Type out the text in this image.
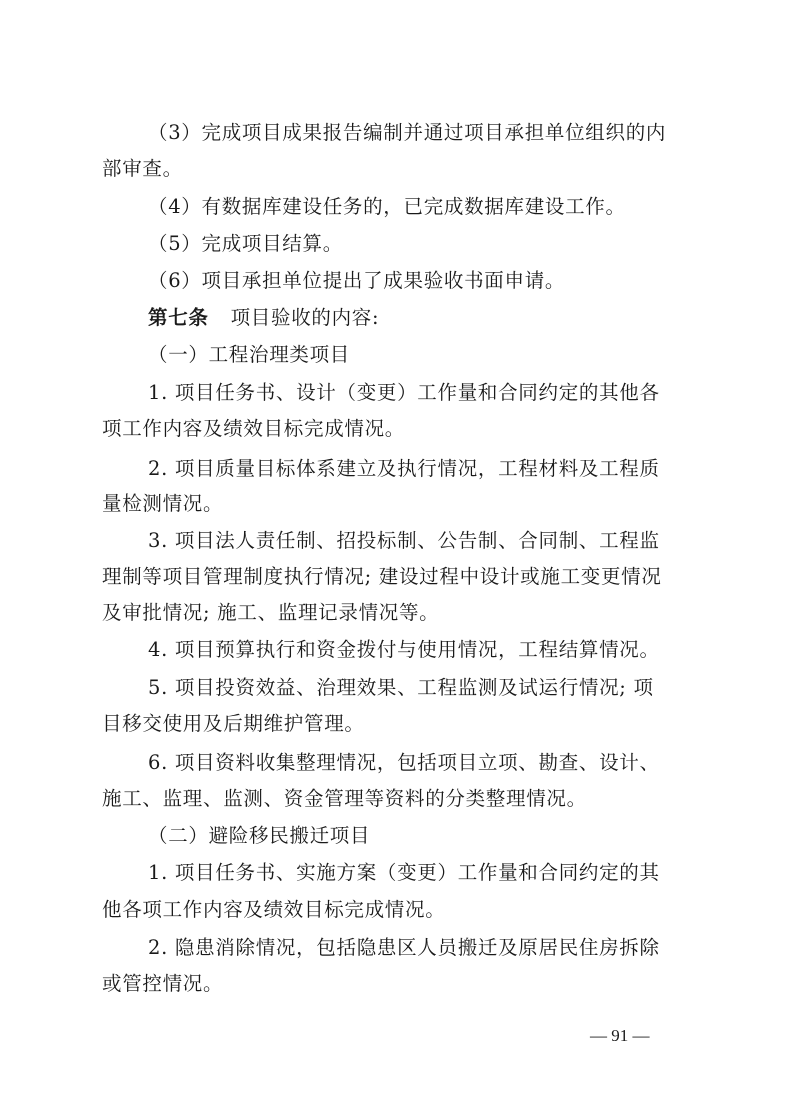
（3）完成项目成果报告编制并通过项目承担单位组织的内
部审查。
（4）有数据库建设任务的，已完成数据库建设工作。
（5）完成项目结算。
（6）项目承担单位提出了成果验收书面申请。
第七条 项目验收的内容:
（一）工程治理类项目
1. 项目任务书、设计（变更）工作量和合同约定的其他各
项工作内容及绩效目标完成情况。
2. 项目质量目标体系建立及执行情况，工程材料及工程质
量检测情况。
3. 项目法人责任制、招投标制、公告制、合同制、工程监
理制等项目管理制度执行情况; 建设过程中设计或施工变更情况
及审批情况; 施工、监理记录情况等。
4. 项目预算执行和资金拨付与使用情况，工程结算情况。
5. 项目投资效益、治理效果、工程监测及试运行情况; 项
目移交使用及后期维护管理。
6. 项目资料收集整理情况，包括项目立项、勘查、设计、
施工、监理、监测、资金管理等资料的分类整理情况。
（二）避险移民搬迁项目
1. 项目任务书、实施方案（变更）工作量和合同约定的其
他各项工作内容及绩效目标完成情况。
2. 隐患消除情况，包括隐患区人员搬迁及原居民住房拆除
或管控情况。
— 91 —
